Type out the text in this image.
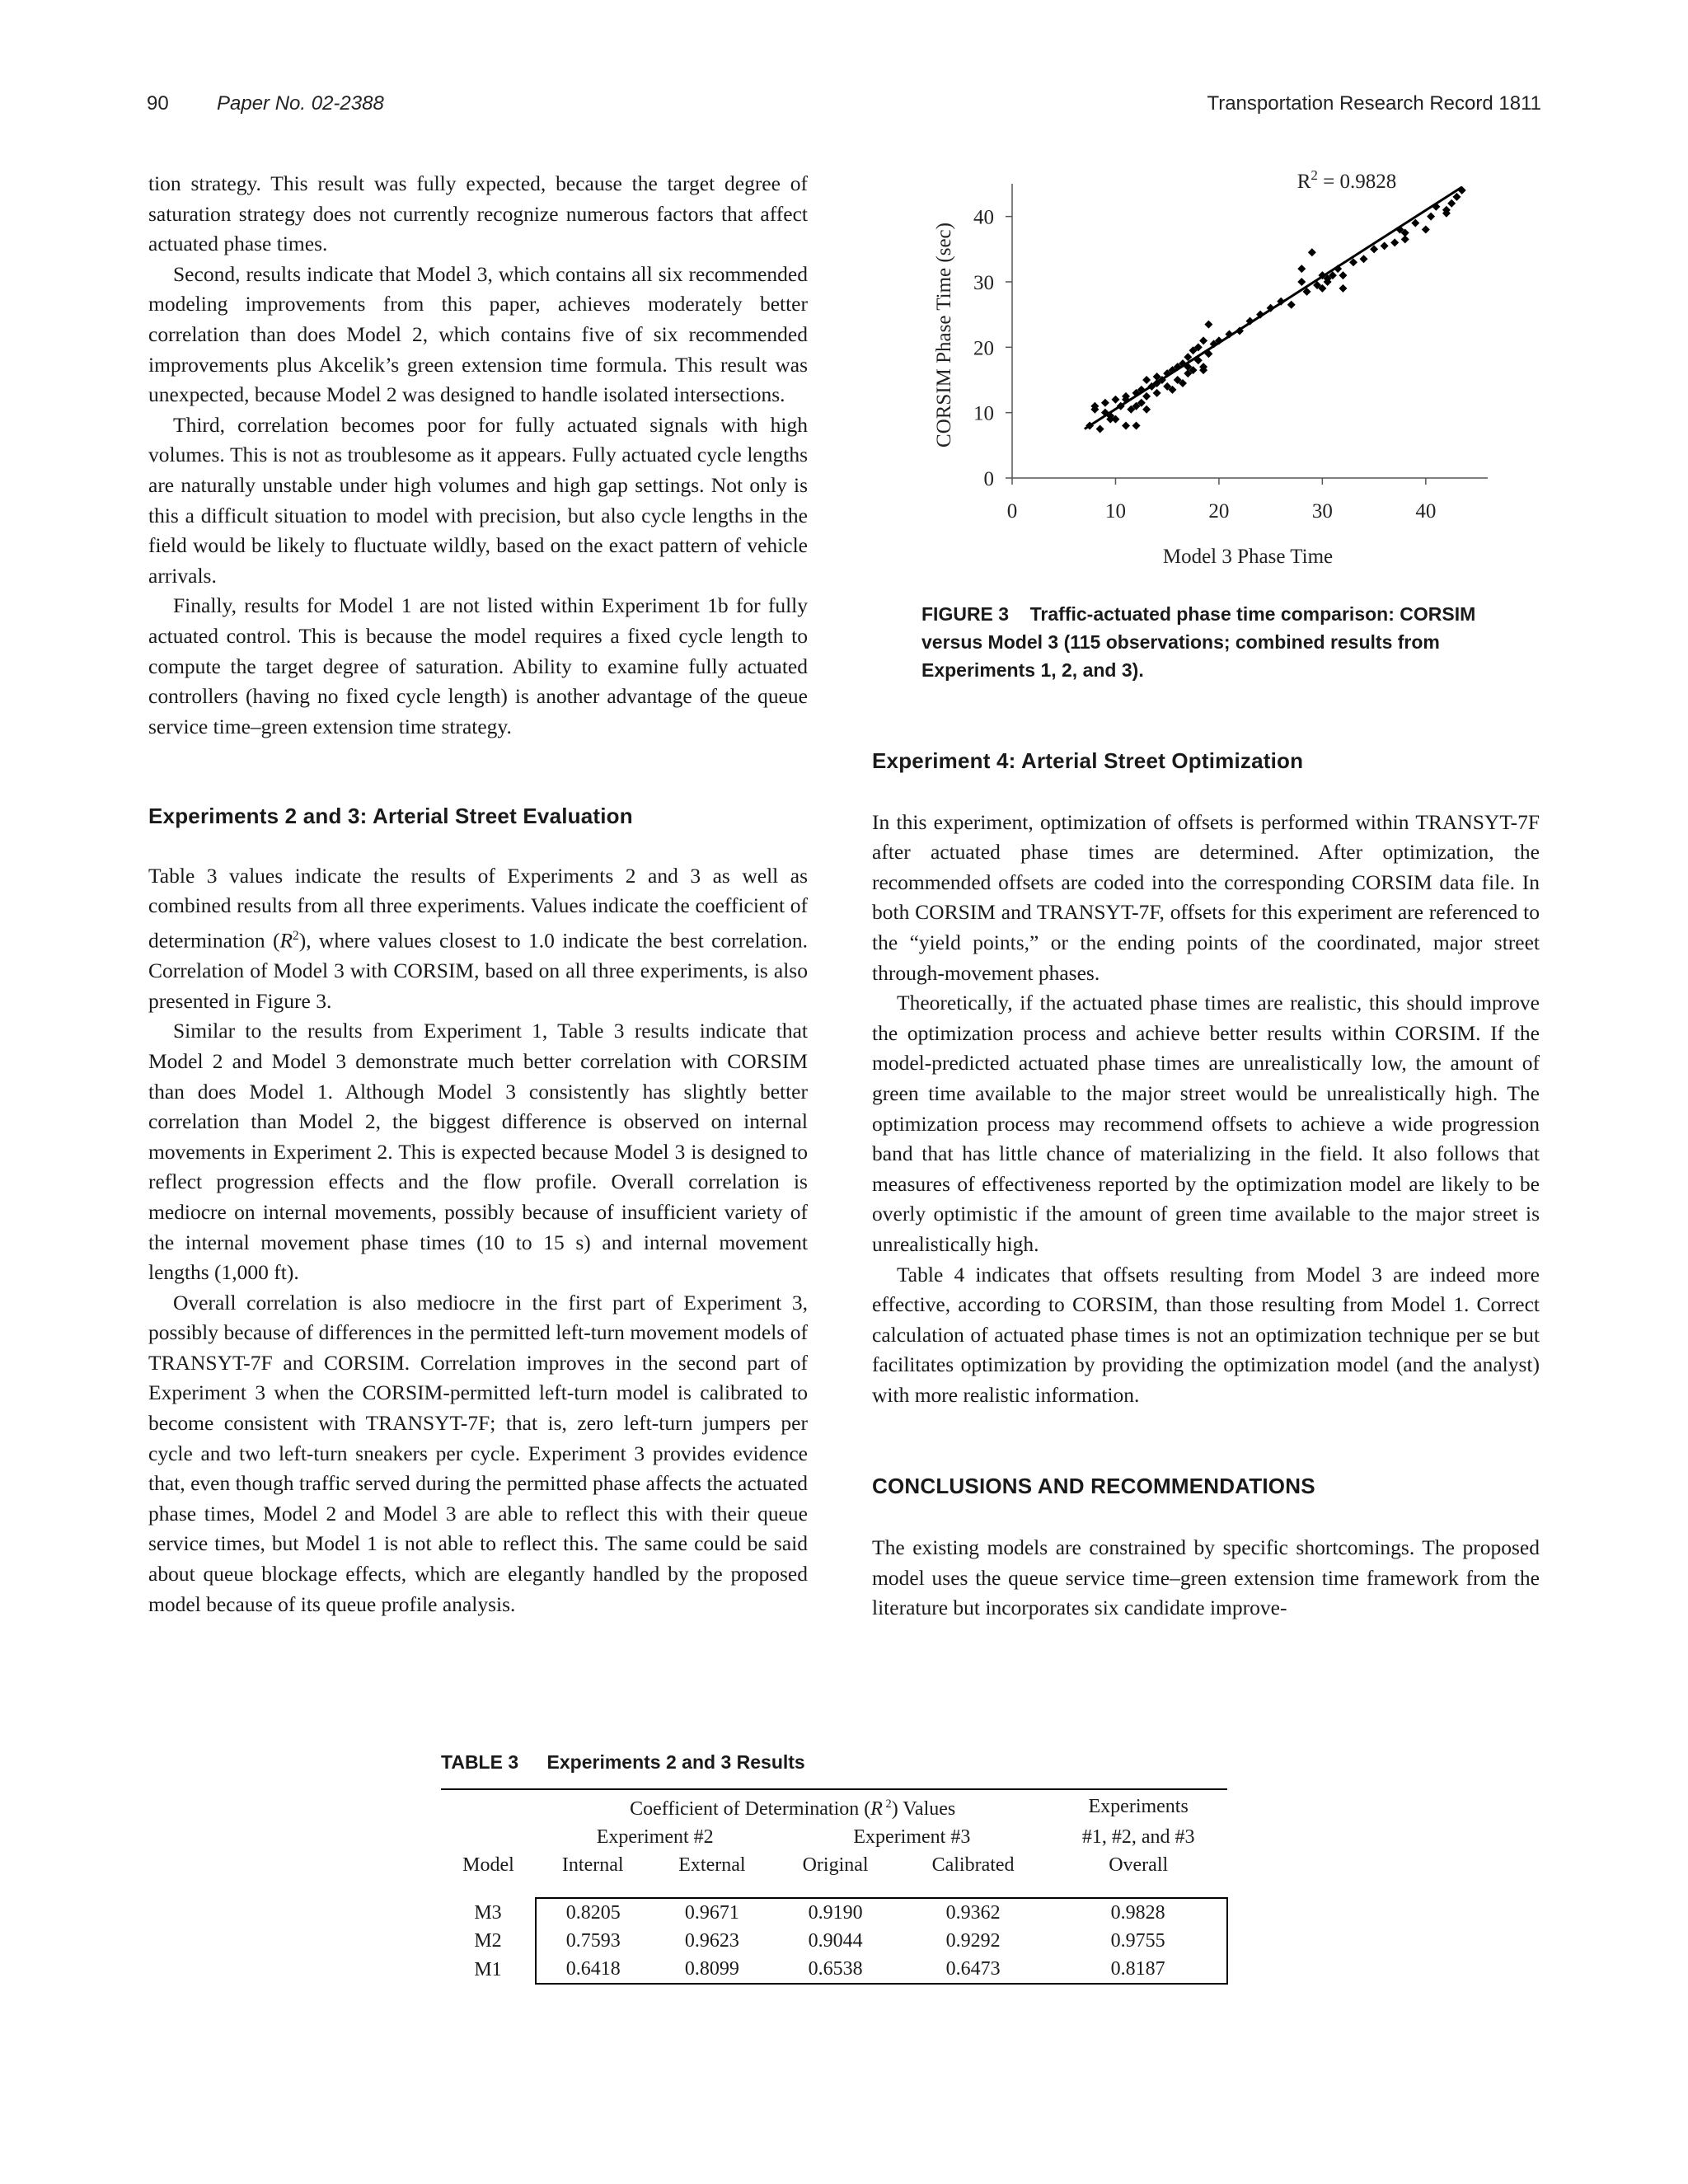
90 Paper No. 02-2388	Transportation Research Record 1811

tion strategy. This result was fully expected, because the target degree of saturation strategy does not currently recognize numerous factors that affect actuated phase times.

Second, results indicate that Model 3, which contains all six recommended modeling improvements from this paper, achieves moderately better correlation than does Model 2, which contains five of six recommended improvements plus Akcelik’s green extension time formula. This result was unexpected, because Model 2 was designed to handle isolated intersections.

Third, correlation becomes poor for fully actuated signals with high volumes. This is not as troublesome as it appears. Fully actuated cycle lengths are naturally unstable under high volumes and high gap settings. Not only is this a difficult situation to model with precision, but also cycle lengths in the field would be likely to fluctuate wildly, based on the exact pattern of vehicle arrivals.

Finally, results for Model 1 are not listed within Experiment 1b for fully actuated control. This is because the model requires a fixed cycle length to compute the target degree of saturation. Ability to examine fully actuated controllers (having no fixed cycle length) is another advantage of the queue service time–green extension time strategy.

Experiments 2 and 3: Arterial Street Evaluation

Table 3 values indicate the results of Experiments 2 and 3 as well as combined results from all three experiments. Values indicate the coefficient of determination $(R^2)$, where values closest to 1.0 indicate the best correlation. Correlation of Model 3 with CORSIM, based on all three experiments, is also presented in Figure 3.

Similar to the results from Experiment 1, Table 3 results indicate that Model 2 and Model 3 demonstrate much better correlation with CORSIM than does Model 1. Although Model 3 consistently has slightly better correlation than Model 2, the biggest difference is observed on internal movements in Experiment 2. This is expected because Model 3 is designed to reflect progression effects and the flow profile. Overall correlation is mediocre on internal movements, possibly because of insufficient variety of the internal movement phase times (10 to 15 s) and internal movement lengths (1,000 ft).

Overall correlation is also mediocre in the first part of Experiment 3, possibly because of differences in the permitted left-turn movement models of TRANSYT-7F and CORSIM. Correlation improves in the second part of Experiment 3 when the CORSIM-permitted left-turn model is calibrated to become consistent with TRANSYT-7F; that is, zero left-turn jumpers per cycle and two left-turn sneakers per cycle. Experiment 3 provides evidence that, even though traffic served during the permitted phase affects the actuated phase times, Model 2 and Model 3 are able to reflect this with their queue service times, but Model 1 is not able to reflect this. The same could be said about queue blockage effects, which are elegantly handled by the proposed model because of its queue profile analysis.

0
10
20
30
40
0	10	20	30	40
Model 3 Phase Time
CORSIM Phase Time (sec)
$R^2 = 0.9828$
FIGURE 3 Traffic-actuated phase time comparison: CORSIM versus Model 3 (115 observations; combined results from Experiments 1, 2, and 3).
Experiment 4: Arterial Street Optimization

In this experiment, optimization of offsets is performed within TRANSYT-7F after actuated phase times are determined. After optimization, the recommended offsets are coded into the corresponding CORSIM data file. In both CORSIM and TRANSYT-7F, offsets for this experiment are referenced to the “yield points,” or the ending points of the coordinated, major street through-movement phases.

Theoretically, if the actuated phase times are realistic, this should improve the optimization process and achieve better results within CORSIM. If the model-predicted actuated phase times are unrealistically low, the amount of green time available to the major street would be unrealistically high. The optimization process may recommend offsets to achieve a wide progression band that has little chance of materializing in the field. It also follows that measures of effectiveness reported by the optimization model are likely to be overly optimistic if the amount of green time available to the major street is unrealistically high.

Table 4 indicates that offsets resulting from Model 3 are indeed more effective, according to CORSIM, than those resulting from Model 1. Correct calculation of actuated phase times is not an optimization technique per se but facilitates optimization by providing the optimization model (and the analyst) with more realistic information.

CONCLUSIONS AND RECOMMENDATIONS

The existing models are constrained by specific shortcomings. The proposed model uses the queue service time–green extension time framework from the literature but incorporates six candidate improve-

TABLE 3 Experiments 2 and 3 Results
	Coefficient of Determination (R $^2$) Values				Experiments
	Experiment #2		Experiment #3		#1, #2, and #3
Model	Internal	External	Original	Calibrated	Overall

M3	0.8205	0.9671	0.9190	0.9362	0.9828
M2	0.7593	0.9623	0.9044	0.9292	0.9755
M1	0.6418	0.8099	0.6538	0.6473	0.8187
